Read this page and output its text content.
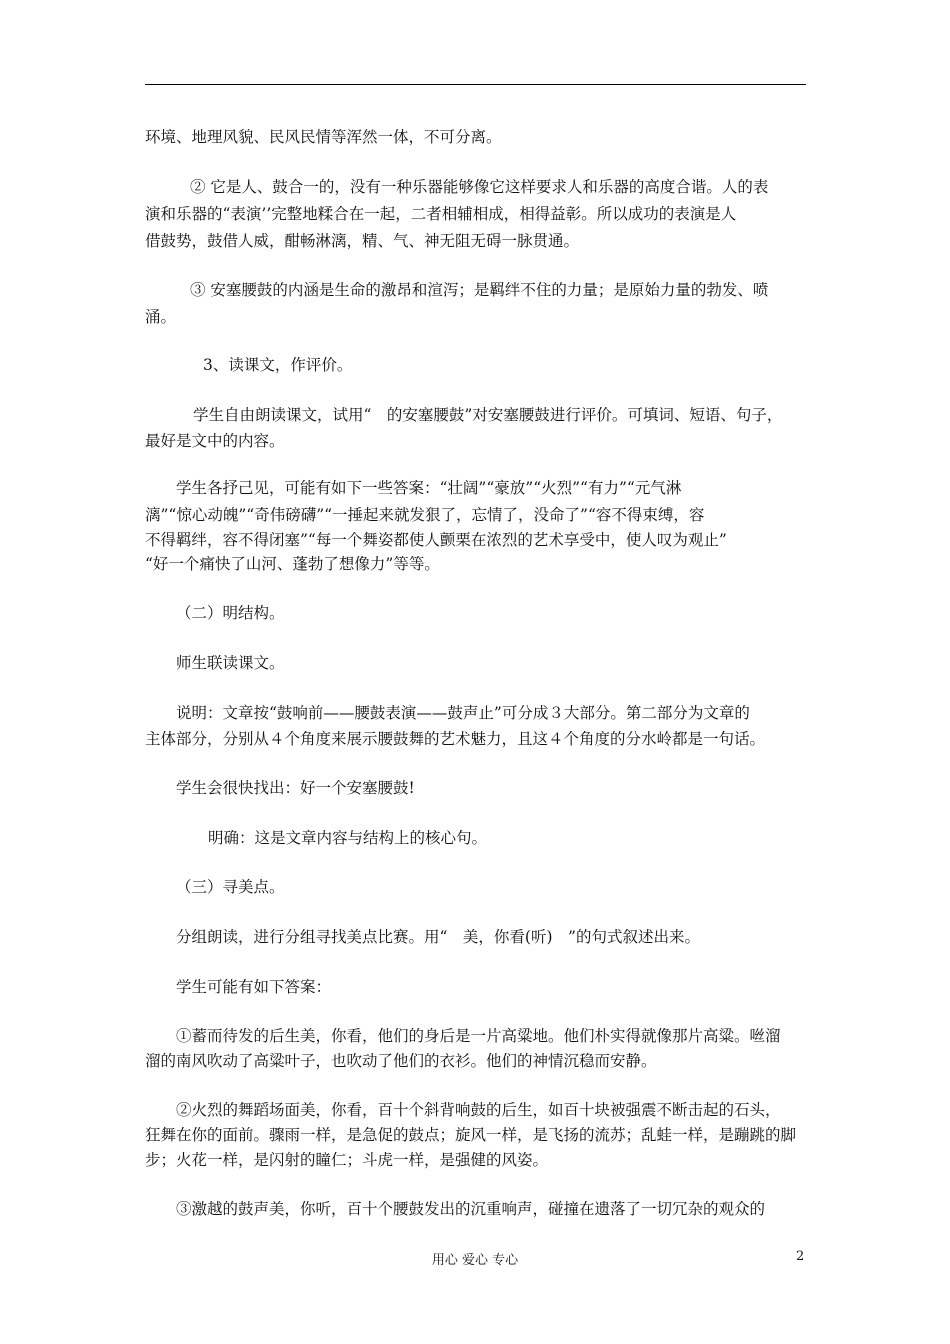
环境、地理风貌、民风民情等浑然一体，不可分离。
② 它是人、鼓合一的，没有一种乐器能够像它这样要求人和乐器的高度合谐。人的表
演和乐器的“表演’’完整地糅合在一起，二者相辅相成，相得益彰。所以成功的表演是人
借鼓势，鼓借人威，酣畅淋漓，精、气、神无阻无碍一脉贯通。
③ 安塞腰鼓的内涵是生命的激昂和渲泻；是羁绊不住的力量；是原始力量的勃发、喷
涌。
3、读课文，作评价。
学生自由朗读课文，试用“　的安塞腰鼓”对安塞腰鼓进行评价。可填词、短语、句子，
最好是文中的内容。
学生各抒己见，可能有如下一些答案：“壮阔”“豪放”“火烈”“有力”“元气淋
漓”“惊心动魄”“奇伟磅礴”“一捶起来就发狠了，忘情了，没命了”“容不得束缚，容
不得羁绊，容不得闭塞”“每一个舞姿都使人颤栗在浓烈的艺术享受中，使人叹为观止”
“好一个痛快了山河、蓬勃了想像力”等等。
（二）明结构。
师生联读课文。
说明：文章按“鼓响前——腰鼓表演——鼓声止”可分成３大部分。第二部分为文章的
主体部分，分别从４个角度来展示腰鼓舞的艺术魅力，且这４个角度的分水岭都是一句话。
学生会很快找出：好一个安塞腰鼓!
明确：这是文章内容与结构上的核心句。
（三）寻美点。
分组朗读，进行分组寻找美点比赛。用“　美，你看(听)　”的句式叙述出来。
学生可能有如下答案：
①蓄而待发的后生美，你看，他们的身后是一片高粱地。他们朴实得就像那片高粱。咝溜
溜的南风吹动了高粱叶子，也吹动了他们的衣衫。他们的神情沉稳而安静。
②火烈的舞蹈场面美，你看，百十个斜背响鼓的后生，如百十块被强震不断击起的石头，
狂舞在你的面前。骤雨一样，是急促的鼓点；旋风一样，是飞扬的流苏；乱蛙一样，是蹦跳的脚
步；火花一样，是闪射的瞳仁；斗虎一样，是强健的风姿。
③激越的鼓声美，你听，百十个腰鼓发出的沉重响声，碰撞在遗落了一切冗杂的观众的
用心 爱心 专心	2
